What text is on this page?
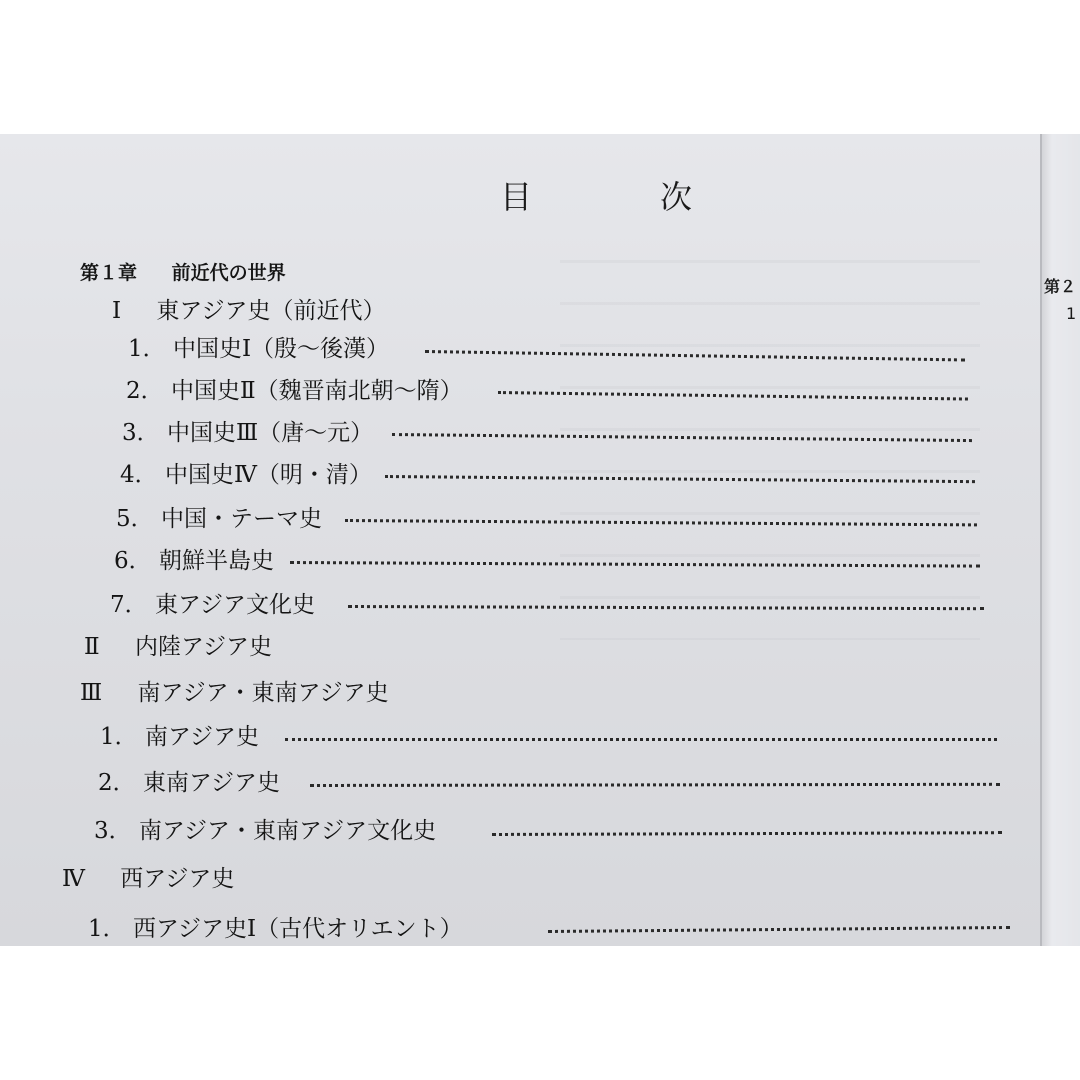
目　次
第１章 前近代の世界
第２
1
Ⅰ 東アジア史（前近代）
1． 中国史Ⅰ（殷～後漢）
2． 中国史Ⅱ（魏晋南北朝～隋）
3． 中国史Ⅲ（唐～元）
4． 中国史Ⅳ（明・清）
5． 中国・テーマ史
6． 朝鮮半島史
7． 東アジア文化史
Ⅱ 内陸アジア史
Ⅲ 南アジア・東南アジア史
1． 南アジア史
2． 東南アジア史
3． 南アジア・東南アジア文化史
Ⅳ 西アジア史
1． 西アジア史Ⅰ（古代オリエント）
